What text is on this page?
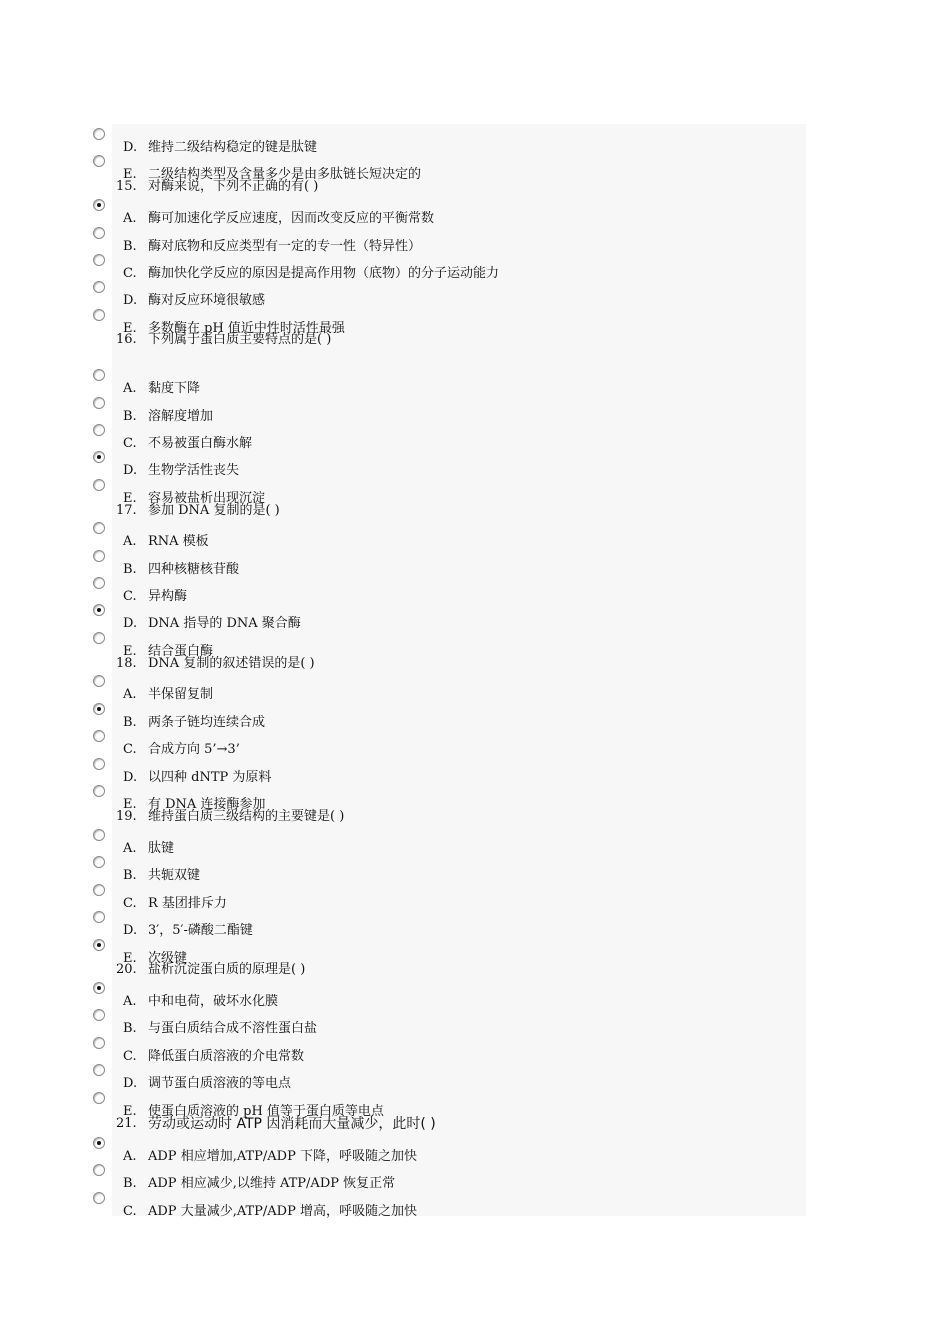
D. 维持二级结构稳定的键是肽键
E. 二级结构类型及含量多少是由多肽链长短决定的
15. 对酶来说，下列不正确的有( )
A. 酶可加速化学反应速度，因而改变反应的平衡常数
B. 酶对底物和反应类型有一定的专一性（特异性）
C. 酶加快化学反应的原因是提高作用物（底物）的分子运动能力
D. 酶对反应环境很敏感
E. 多数酶在 pH 值近中性时活性最强
16. 下列属于蛋白质主要特点的是( )
A. 黏度下降
B. 溶解度增加
C. 不易被蛋白酶水解
D. 生物学活性丧失
E. 容易被盐析出现沉淀
17. 参加 DNA 复制的是( )
A. RNA 模板
B. 四种核糖核苷酸
C. 异构酶
D. DNA 指导的 DNA 聚合酶
E. 结合蛋白酶
18. DNA 复制的叙述错误的是( )
A. 半保留复制
B. 两条子链均连续合成
C. 合成方向 5’→3’
D. 以四种 dNTP 为原料
E. 有 DNA 连接酶参加
19. 维持蛋白质三级结构的主要键是( )
A. 肽键
B. 共轭双键
C. R 基团排斥力
D. 3′，5′-磷酸二酯键
E. 次级键
20. 盐析沉淀蛋白质的原理是( )
A. 中和电荷，破坏水化膜
B. 与蛋白质结合成不溶性蛋白盐
C. 降低蛋白质溶液的介电常数
D. 调节蛋白质溶液的等电点
E. 使蛋白质溶液的 pH 值等于蛋白质等电点
21. 劳动或运动时 ATP 因消耗而大量减少，此时( )
A. ADP 相应增加,ATP/ADP 下降，呼吸随之加快
B. ADP 相应减少,以维持 ATP/ADP 恢复正常
C. ADP 大量减少,ATP/ADP 增高，呼吸随之加快
